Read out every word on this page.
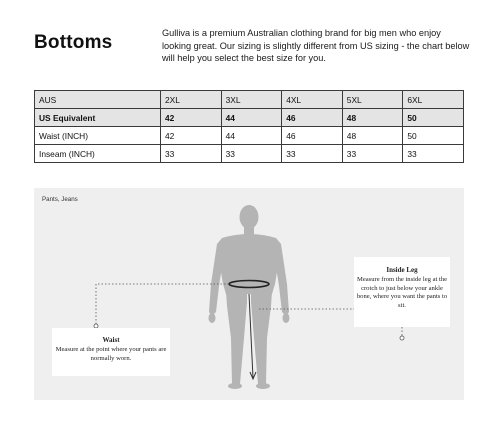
Bottoms	Gulliva is a premium Australian clothing brand for big men who enjoy looking great. Our sizing is slightly different from US sizing - the chart below will help you select the best size for you.
AUS	2XL	3XL	4XL	5XL	6XL
US Equivalent	42	44	46	48	50
Waist (INCH)	42	44	46	48	50
Inseam (INCH)	33	33	33	33	33
Pants, Jeans
Waist
Measure at the point where your pants are normally worn.
Inside Leg
Measure from the inside leg at the crotch to just below your ankle bone, where you want the pants to sit.
